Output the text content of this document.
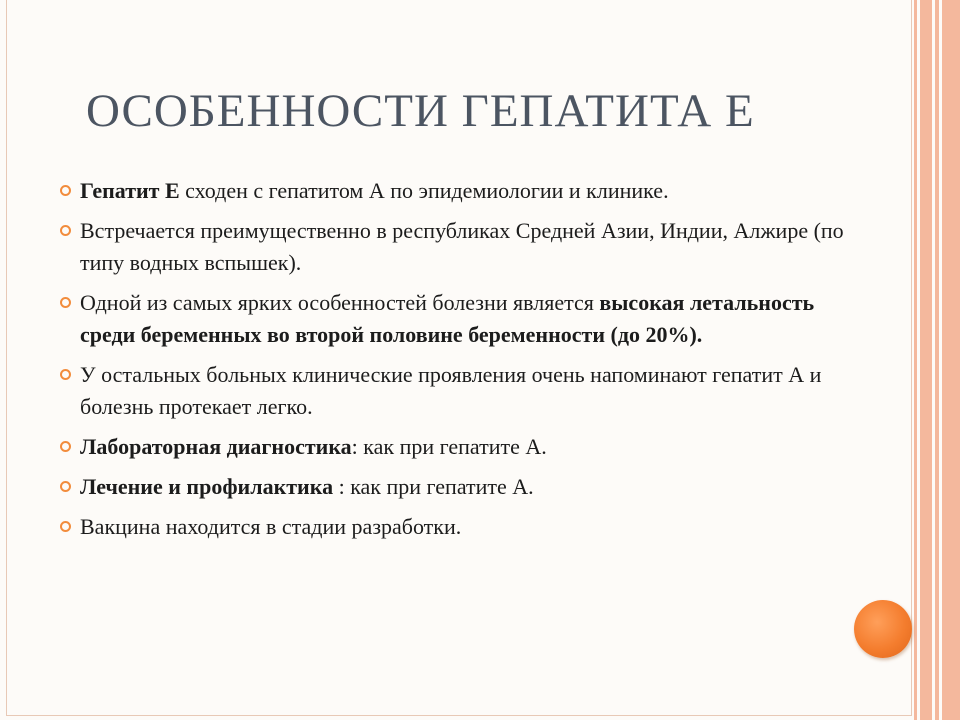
ОСОБЕННОСТИ ГЕПАТИТА Е
Гепатит Е сходен с гепатитом А по эпидемиологии и клинике.
Встречается преимущественно в республиках Средней Азии, Индии, Алжире (по типу водных вспышек).
Одной из самых ярких особенностей болезни является высокая летальность среди беременных во второй половине беременности (до 20%).
У остальных больных клинические проявления очень напоминают гепатит А и болезнь протекает легко.
Лабораторная диагностика: как при гепатите А.
Лечение и профилактика : как при гепатите А.
Вакцина находится в стадии разработки.
